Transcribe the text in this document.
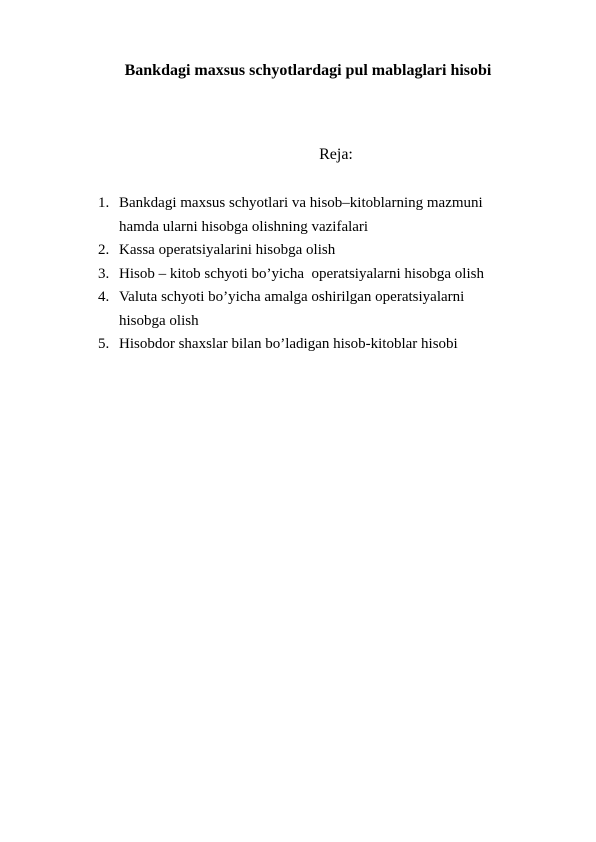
Bankdagi maxsus schyotlardagi pul mablaglari hisobi
Reja:
1. Bankdagi maxsus schyotlari va hisob–kitoblarning mazmuni
hamda ularni hisobga olishning vazifalari
2. Kassa operatsiyalarini hisobga olish
3. Hisob – kitob schyoti bo’yicha  operatsiyalarni hisobga olish
4. Valuta schyoti bo’yicha amalga oshirilgan operatsiyalarni
hisobga olish
5. Hisobdor shaxslar bilan bo’ladigan hisob-kitoblar hisobi
